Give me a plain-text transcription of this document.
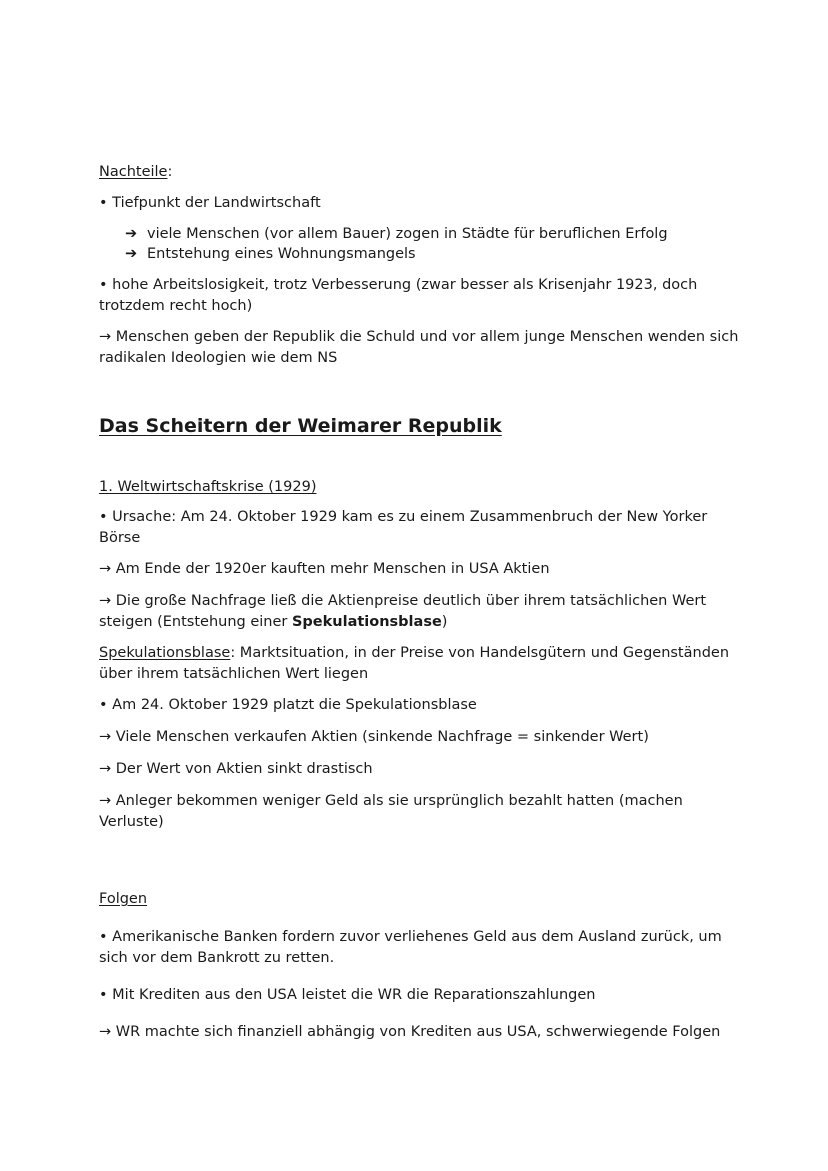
Nachteile:

• Tiefpunkt der Landwirtschaft

➔ viele Menschen (vor allem Bauer) zogen in Städte für beruflichen Erfolg
➔ Entstehung eines Wohnungsmangels

• hohe Arbeitslosigkeit, trotz Verbesserung (zwar besser als Krisenjahr 1923, doch trotzdem recht hoch)

→ Menschen geben der Republik die Schuld und vor allem junge Menschen wenden sich radikalen Ideologien wie dem NS

Das Scheitern der Weimarer Republik

1. Weltwirtschaftskrise (1929)

• Ursache: Am 24. Oktober 1929 kam es zu einem Zusammenbruch der New Yorker Börse

→ Am Ende der 1920er kauften mehr Menschen in USA Aktien

→ Die große Nachfrage ließ die Aktienpreise deutlich über ihrem tatsächlichen Wert steigen (Entstehung einer Spekulationsblase)

Spekulationsblase: Marktsituation, in der Preise von Handelsgütern und Gegenständen über ihrem tatsächlichen Wert liegen

• Am 24. Oktober 1929 platzt die Spekulationsblase

→ Viele Menschen verkaufen Aktien (sinkende Nachfrage = sinkender Wert)

→ Der Wert von Aktien sinkt drastisch

→ Anleger bekommen weniger Geld als sie ursprünglich bezahlt hatten (machen Verluste)

Folgen

• Amerikanische Banken fordern zuvor verliehenes Geld aus dem Ausland zurück, um sich vor dem Bankrott zu retten.

• Mit Krediten aus den USA leistet die WR die Reparationszahlungen

→ WR machte sich finanziell abhängig von Krediten aus USA, schwerwiegende Folgen
